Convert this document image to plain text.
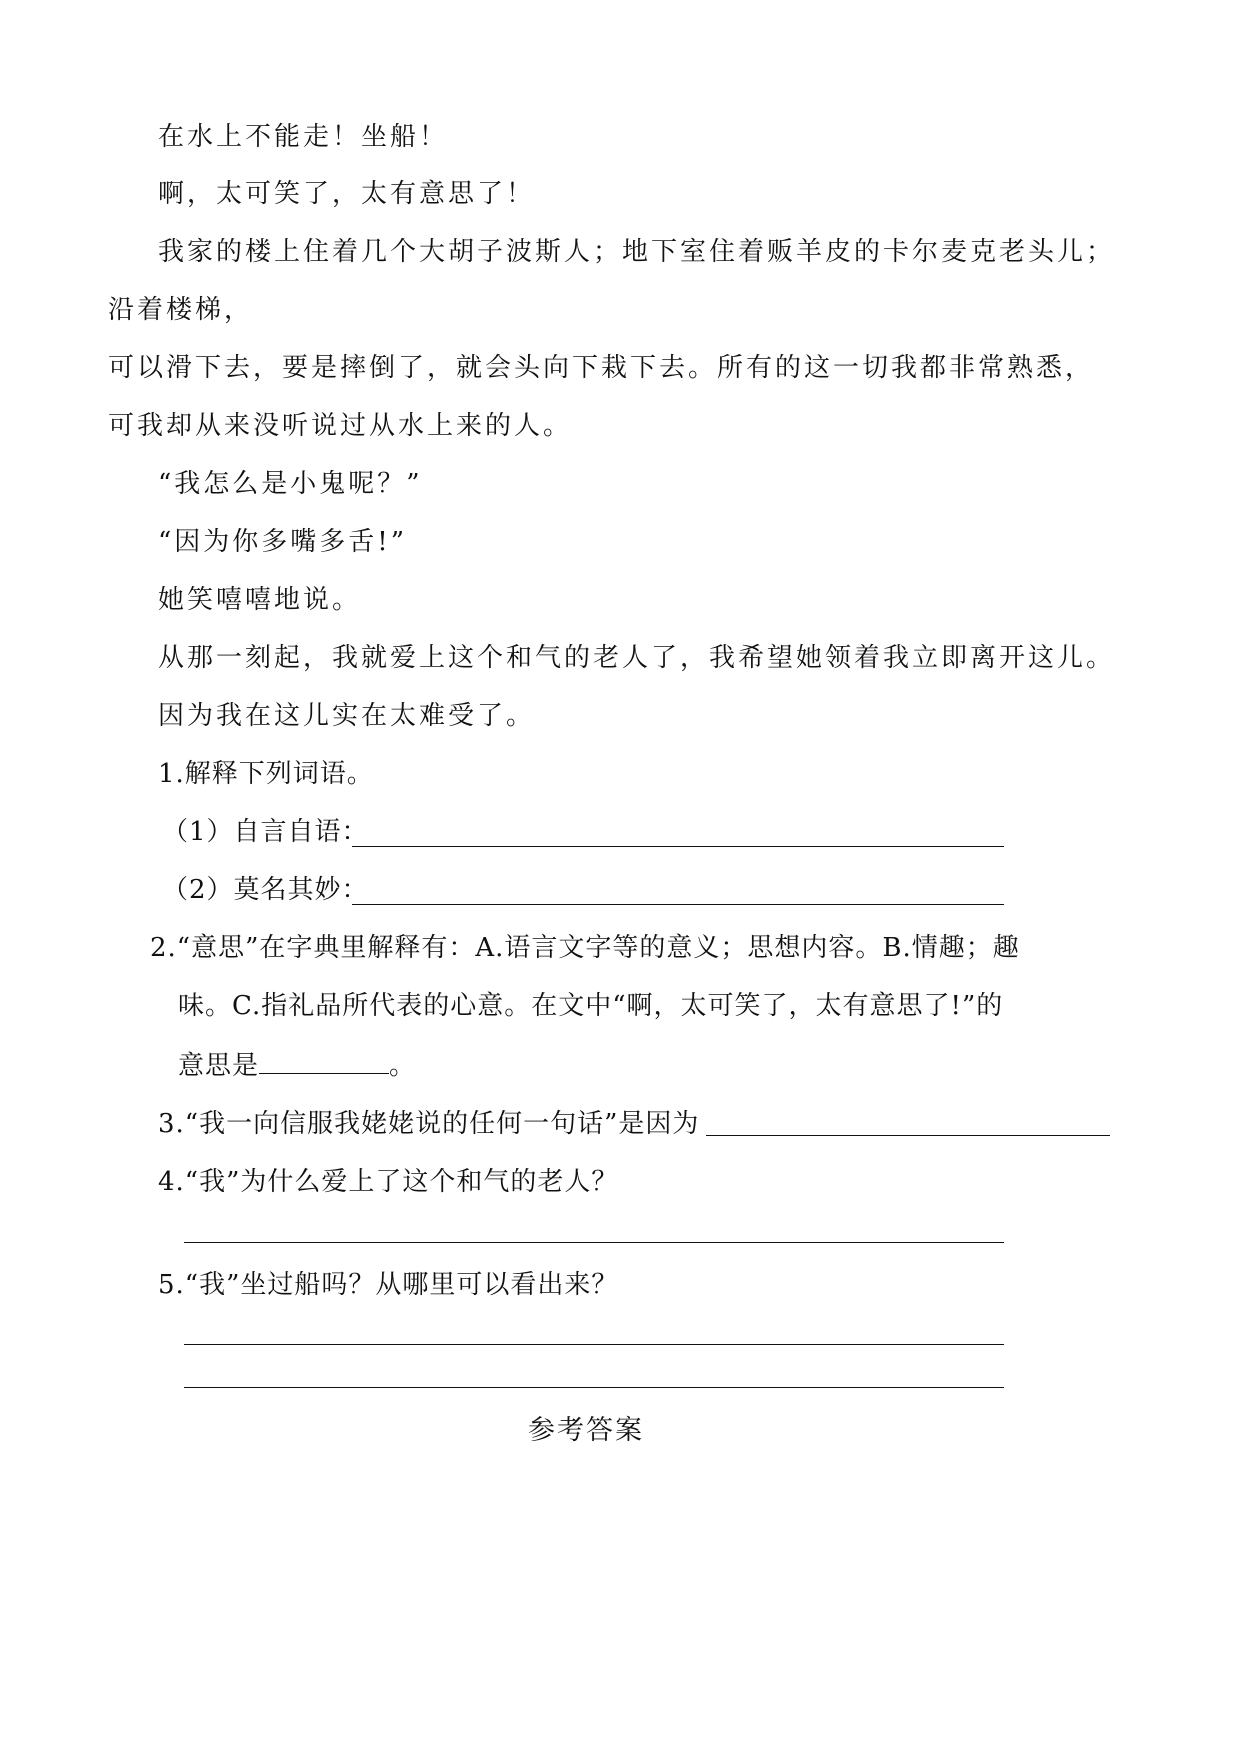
在水上不能走！坐船！
啊，太可笑了，太有意思了！
我家的楼上住着几个大胡子波斯人；地下室住着贩羊皮的卡尔麦克老头儿；
沿着楼梯，
可以滑下去，要是摔倒了，就会头向下栽下去。所有的这一切我都非常熟悉，
可我却从来没听说过从水上来的人。
“我怎么是小鬼呢？”
“因为你多嘴多舌!”
她笑嘻嘻地说。
从那一刻起，我就爱上这个和气的老人了，我希望她领着我立即离开这儿。
因为我在这儿实在太难受了。
1.解释下列词语。
（1）自言自语：
（2）莫名其妙：
2.“意思”在字典里解释有：A.语言文字等的意义；思想内容。B.情趣；趣
味。C.指礼品所代表的心意。在文中“啊，太可笑了，太有意思了!”的
意思是	。
3.“我一向信服我姥姥说的任何一句话”是因为
4.“我”为什么爱上了这个和气的老人？
5.“我”坐过船吗？从哪里可以看出来？
参考答案
